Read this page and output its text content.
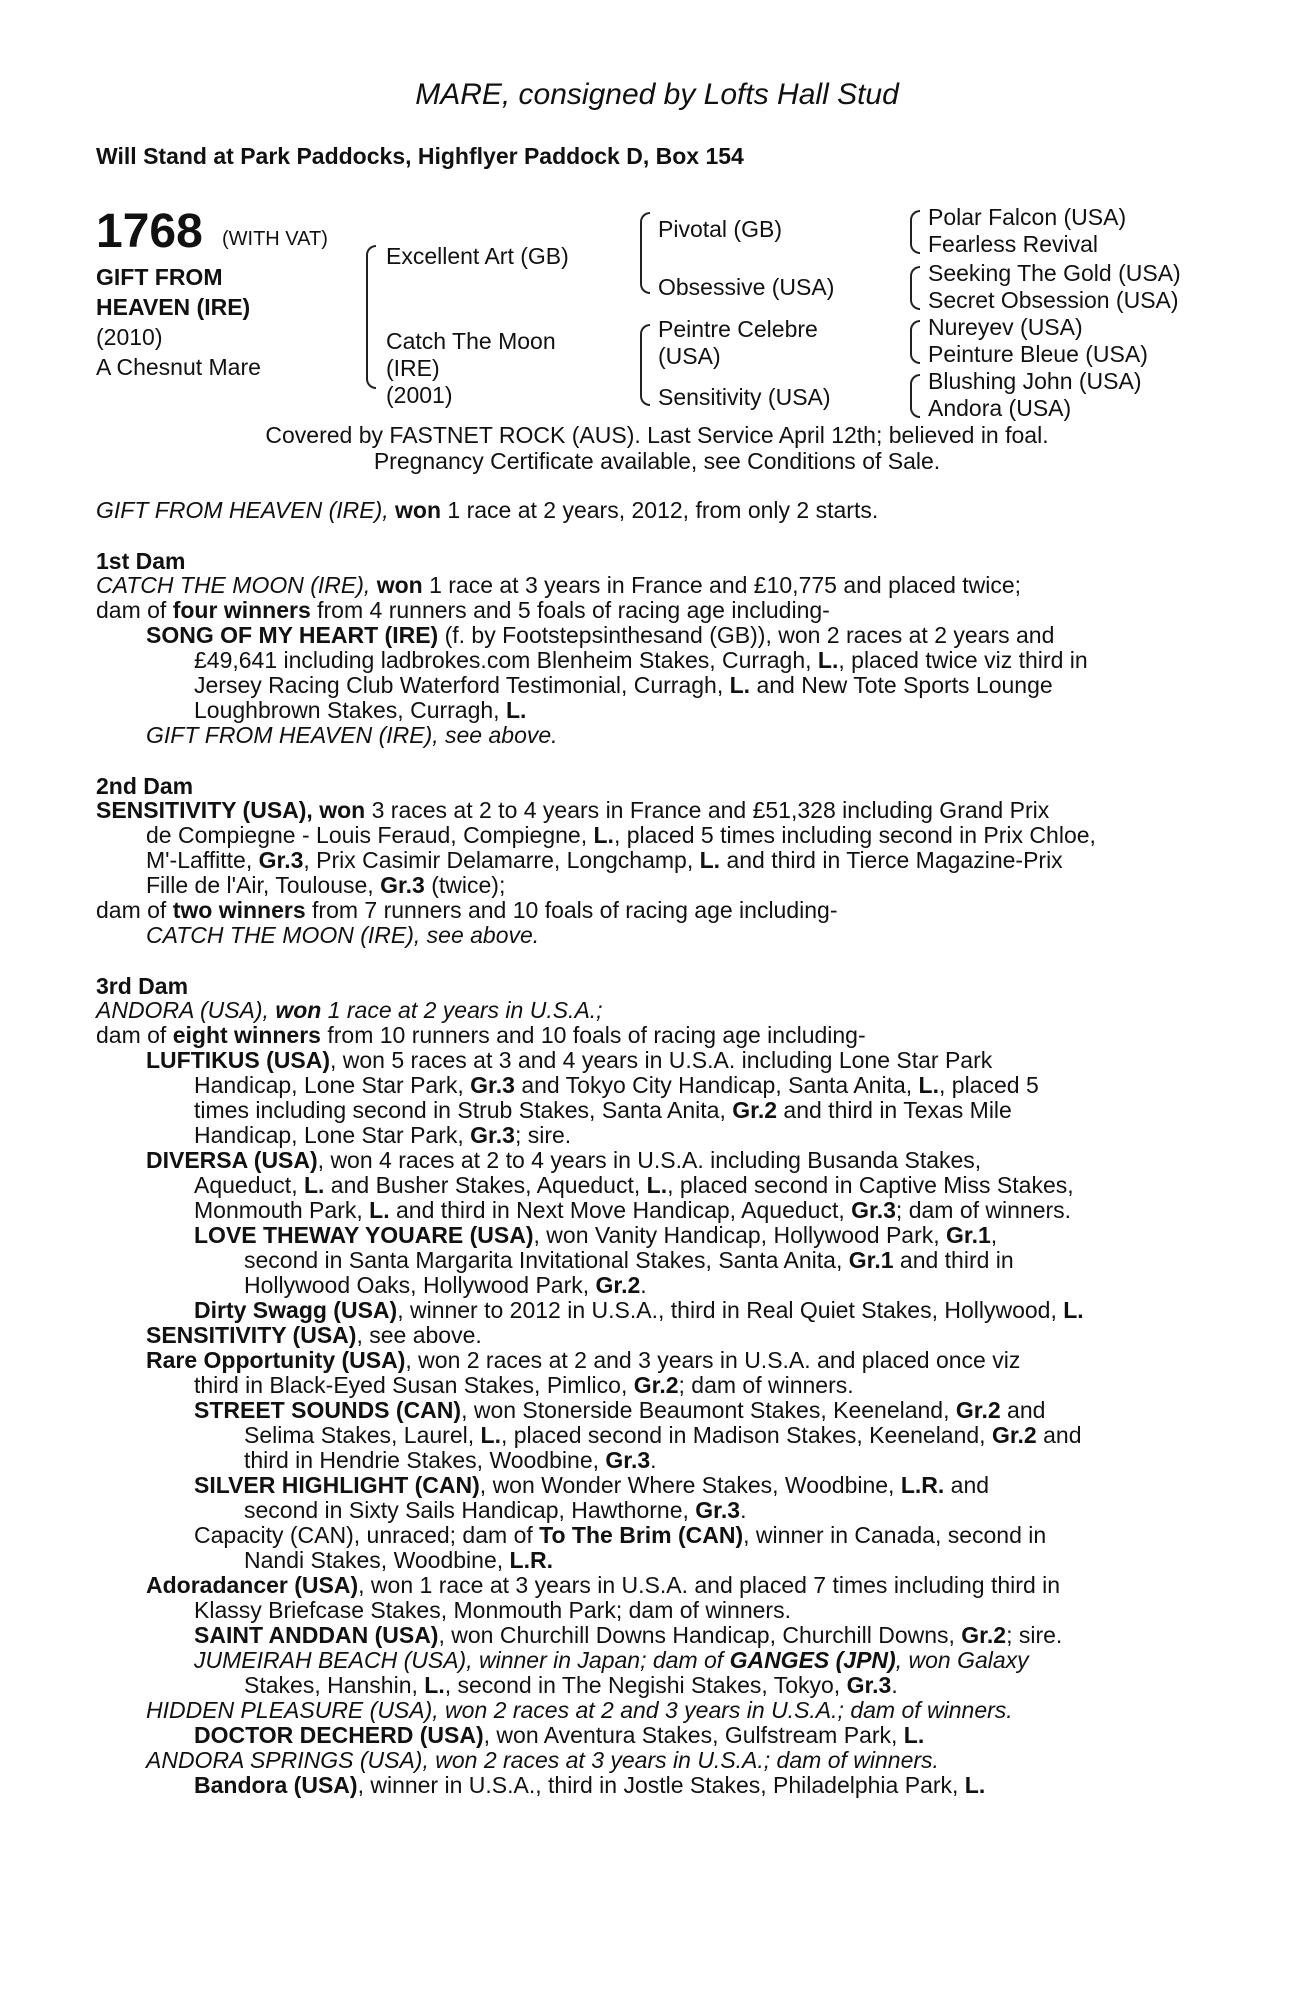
MARE, consigned by Lofts Hall Stud
Will Stand at Park Paddocks, Highflyer Paddock D, Box 154
1768 (WITH VAT)
GIFT FROM
HEAVEN (IRE)
(2010)
A Chesnut Mare
Excellent Art (GB)
Catch The Moon
(IRE)
(2001)
Pivotal (GB)
Obsessive (USA)
Peintre Celebre
(USA)
Sensitivity (USA)
Polar Falcon (USA)
Fearless Revival
Seeking The Gold (USA)
Secret Obsession (USA)
Nureyev (USA)
Peinture Bleue (USA)
Blushing John (USA)
Andora (USA)
Covered by FASTNET ROCK (AUS). Last Service April 12th; believed in foal.
Pregnancy Certificate available, see Conditions of Sale.
GIFT FROM HEAVEN (IRE), won 1 race at 2 years, 2012, from only 2 starts.
1st Dam
CATCH THE MOON (IRE), won 1 race at 3 years in France and £10,775 and placed twice;
dam of four winners from 4 runners and 5 foals of racing age including-
SONG OF MY HEART (IRE) (f. by Footstepsinthesand (GB)), won 2 races at 2 years and
£49,641 including ladbrokes.com Blenheim Stakes, Curragh, L., placed twice viz third in
Jersey Racing Club Waterford Testimonial, Curragh, L. and New Tote Sports Lounge
Loughbrown Stakes, Curragh, L.
GIFT FROM HEAVEN (IRE), see above.
2nd Dam
SENSITIVITY (USA), won 3 races at 2 to 4 years in France and £51,328 including Grand Prix
de Compiegne - Louis Feraud, Compiegne, L., placed 5 times including second in Prix Chloe,
M'-Laffitte, Gr.3, Prix Casimir Delamarre, Longchamp, L. and third in Tierce Magazine-Prix
Fille de l'Air, Toulouse, Gr.3 (twice);
dam of two winners from 7 runners and 10 foals of racing age including-
CATCH THE MOON (IRE), see above.
3rd Dam
ANDORA (USA), won 1 race at 2 years in U.S.A.;
dam of eight winners from 10 runners and 10 foals of racing age including-
LUFTIKUS (USA), won 5 races at 3 and 4 years in U.S.A. including Lone Star Park
Handicap, Lone Star Park, Gr.3 and Tokyo City Handicap, Santa Anita, L., placed 5
times including second in Strub Stakes, Santa Anita, Gr.2 and third in Texas Mile
Handicap, Lone Star Park, Gr.3; sire.
DIVERSA (USA), won 4 races at 2 to 4 years in U.S.A. including Busanda Stakes,
Aqueduct, L. and Busher Stakes, Aqueduct, L., placed second in Captive Miss Stakes,
Monmouth Park, L. and third in Next Move Handicap, Aqueduct, Gr.3; dam of winners.
LOVE THEWAY YOUARE (USA), won Vanity Handicap, Hollywood Park, Gr.1,
second in Santa Margarita Invitational Stakes, Santa Anita, Gr.1 and third in
Hollywood Oaks, Hollywood Park, Gr.2.
Dirty Swagg (USA), winner to 2012 in U.S.A., third in Real Quiet Stakes, Hollywood, L.
SENSITIVITY (USA), see above.
Rare Opportunity (USA), won 2 races at 2 and 3 years in U.S.A. and placed once viz
third in Black-Eyed Susan Stakes, Pimlico, Gr.2; dam of winners.
STREET SOUNDS (CAN), won Stonerside Beaumont Stakes, Keeneland, Gr.2 and
Selima Stakes, Laurel, L., placed second in Madison Stakes, Keeneland, Gr.2 and
third in Hendrie Stakes, Woodbine, Gr.3.
SILVER HIGHLIGHT (CAN), won Wonder Where Stakes, Woodbine, L.R. and
second in Sixty Sails Handicap, Hawthorne, Gr.3.
Capacity (CAN), unraced; dam of To The Brim (CAN), winner in Canada, second in
Nandi Stakes, Woodbine, L.R.
Adoradancer (USA), won 1 race at 3 years in U.S.A. and placed 7 times including third in
Klassy Briefcase Stakes, Monmouth Park; dam of winners.
SAINT ANDDAN (USA), won Churchill Downs Handicap, Churchill Downs, Gr.2; sire.
JUMEIRAH BEACH (USA), winner in Japan; dam of GANGES (JPN), won Galaxy
Stakes, Hanshin, L., second in The Negishi Stakes, Tokyo, Gr.3.
HIDDEN PLEASURE (USA), won 2 races at 2 and 3 years in U.S.A.; dam of winners.
DOCTOR DECHERD (USA), won Aventura Stakes, Gulfstream Park, L.
ANDORA SPRINGS (USA), won 2 races at 3 years in U.S.A.; dam of winners.
Bandora (USA), winner in U.S.A., third in Jostle Stakes, Philadelphia Park, L.
